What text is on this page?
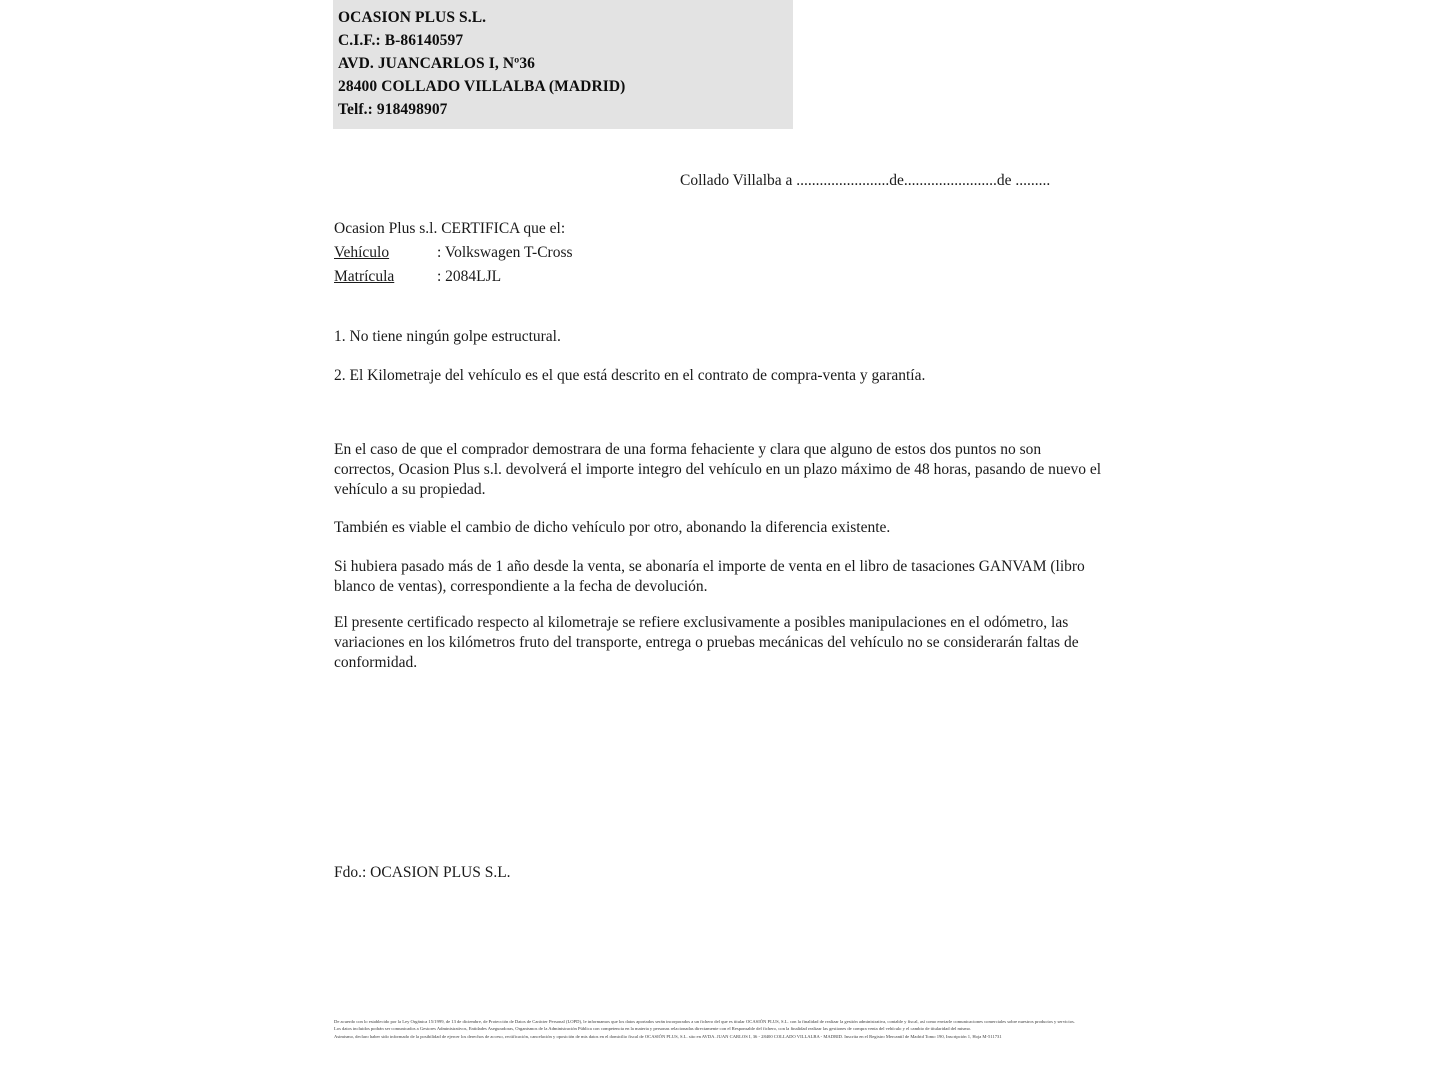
OCASION PLUS S.L.
C.I.F.: B-86140597
AVD. JUANCARLOS I, Nº36
28400 COLLADO VILLALBA (MADRID)
Telf.: 918498907
Collado Villalba a ........................de........................de .........
Ocasion Plus s.l. CERTIFICA que el:
Vehículo	: Volkswagen T-Cross
Matrícula	: 2084LJL
1. No tiene ningún golpe estructural.
2. El Kilometraje del vehículo es el que está descrito en el contrato de compra-venta y garantía.
En el caso de que el comprador demostrara de una forma fehaciente y clara que alguno de estos dos puntos no son correctos, Ocasion Plus s.l. devolverá el importe integro del vehículo en un plazo máximo de 48 horas, pasando de nuevo el vehículo a su propiedad.
También es viable el cambio de dicho vehículo por otro, abonando la diferencia existente.
Si hubiera pasado más de 1 año desde la venta, se abonaría el importe de venta en el libro de tasaciones GANVAM (libro blanco de ventas), correspondiente a la fecha de devolución.
El presente certificado respecto al kilometraje se refiere exclusivamente a posibles manipulaciones en el odómetro, las variaciones en los kilómetros fruto del transporte, entrega o pruebas mecánicas del vehículo no se considerarán faltas de conformidad.
Fdo.: OCASION PLUS S.L.

De acuerdo con lo establecido por la Ley Orgánica 15/1999, de 13 de diciembre, de Protección de Datos de Carácter Personal (LOPD), le informamos que los datos aportados serán incorporados a un fichero del que es titular OCASIÓN PLUS, S.L. con la finalidad de realizar la gestión administrativa, contable y fiscal, así como enviarle comunicaciones comerciales sobre nuestros productos y servicios.

Los datos incluidos podrán ser comunicados a Gestores Administrativos, Entidades Aseguradoras, Organismos de la Administración Pública con competencia en la materia y personas relacionadas directamente con el Responsable del fichero, con la finalidad realizar las gestiones de compra venta del vehículo y el cambio de titularidad del mismo.

Asimismo, declaro haber sido informado de la posibilidad de ejercer los derechos de acceso, rectificación, cancelación y oposición de mis datos en el domicilio fiscal de OCASIÓN PLUS, S.L. sito en AVDA. JUAN CARLOS I, 36 - 28400 COLLADO VILLALBA - MADRID. Inscrita en el Registro Mercantil de Madrid Tomo 190, Inscripción 1, Hoja M-511731
